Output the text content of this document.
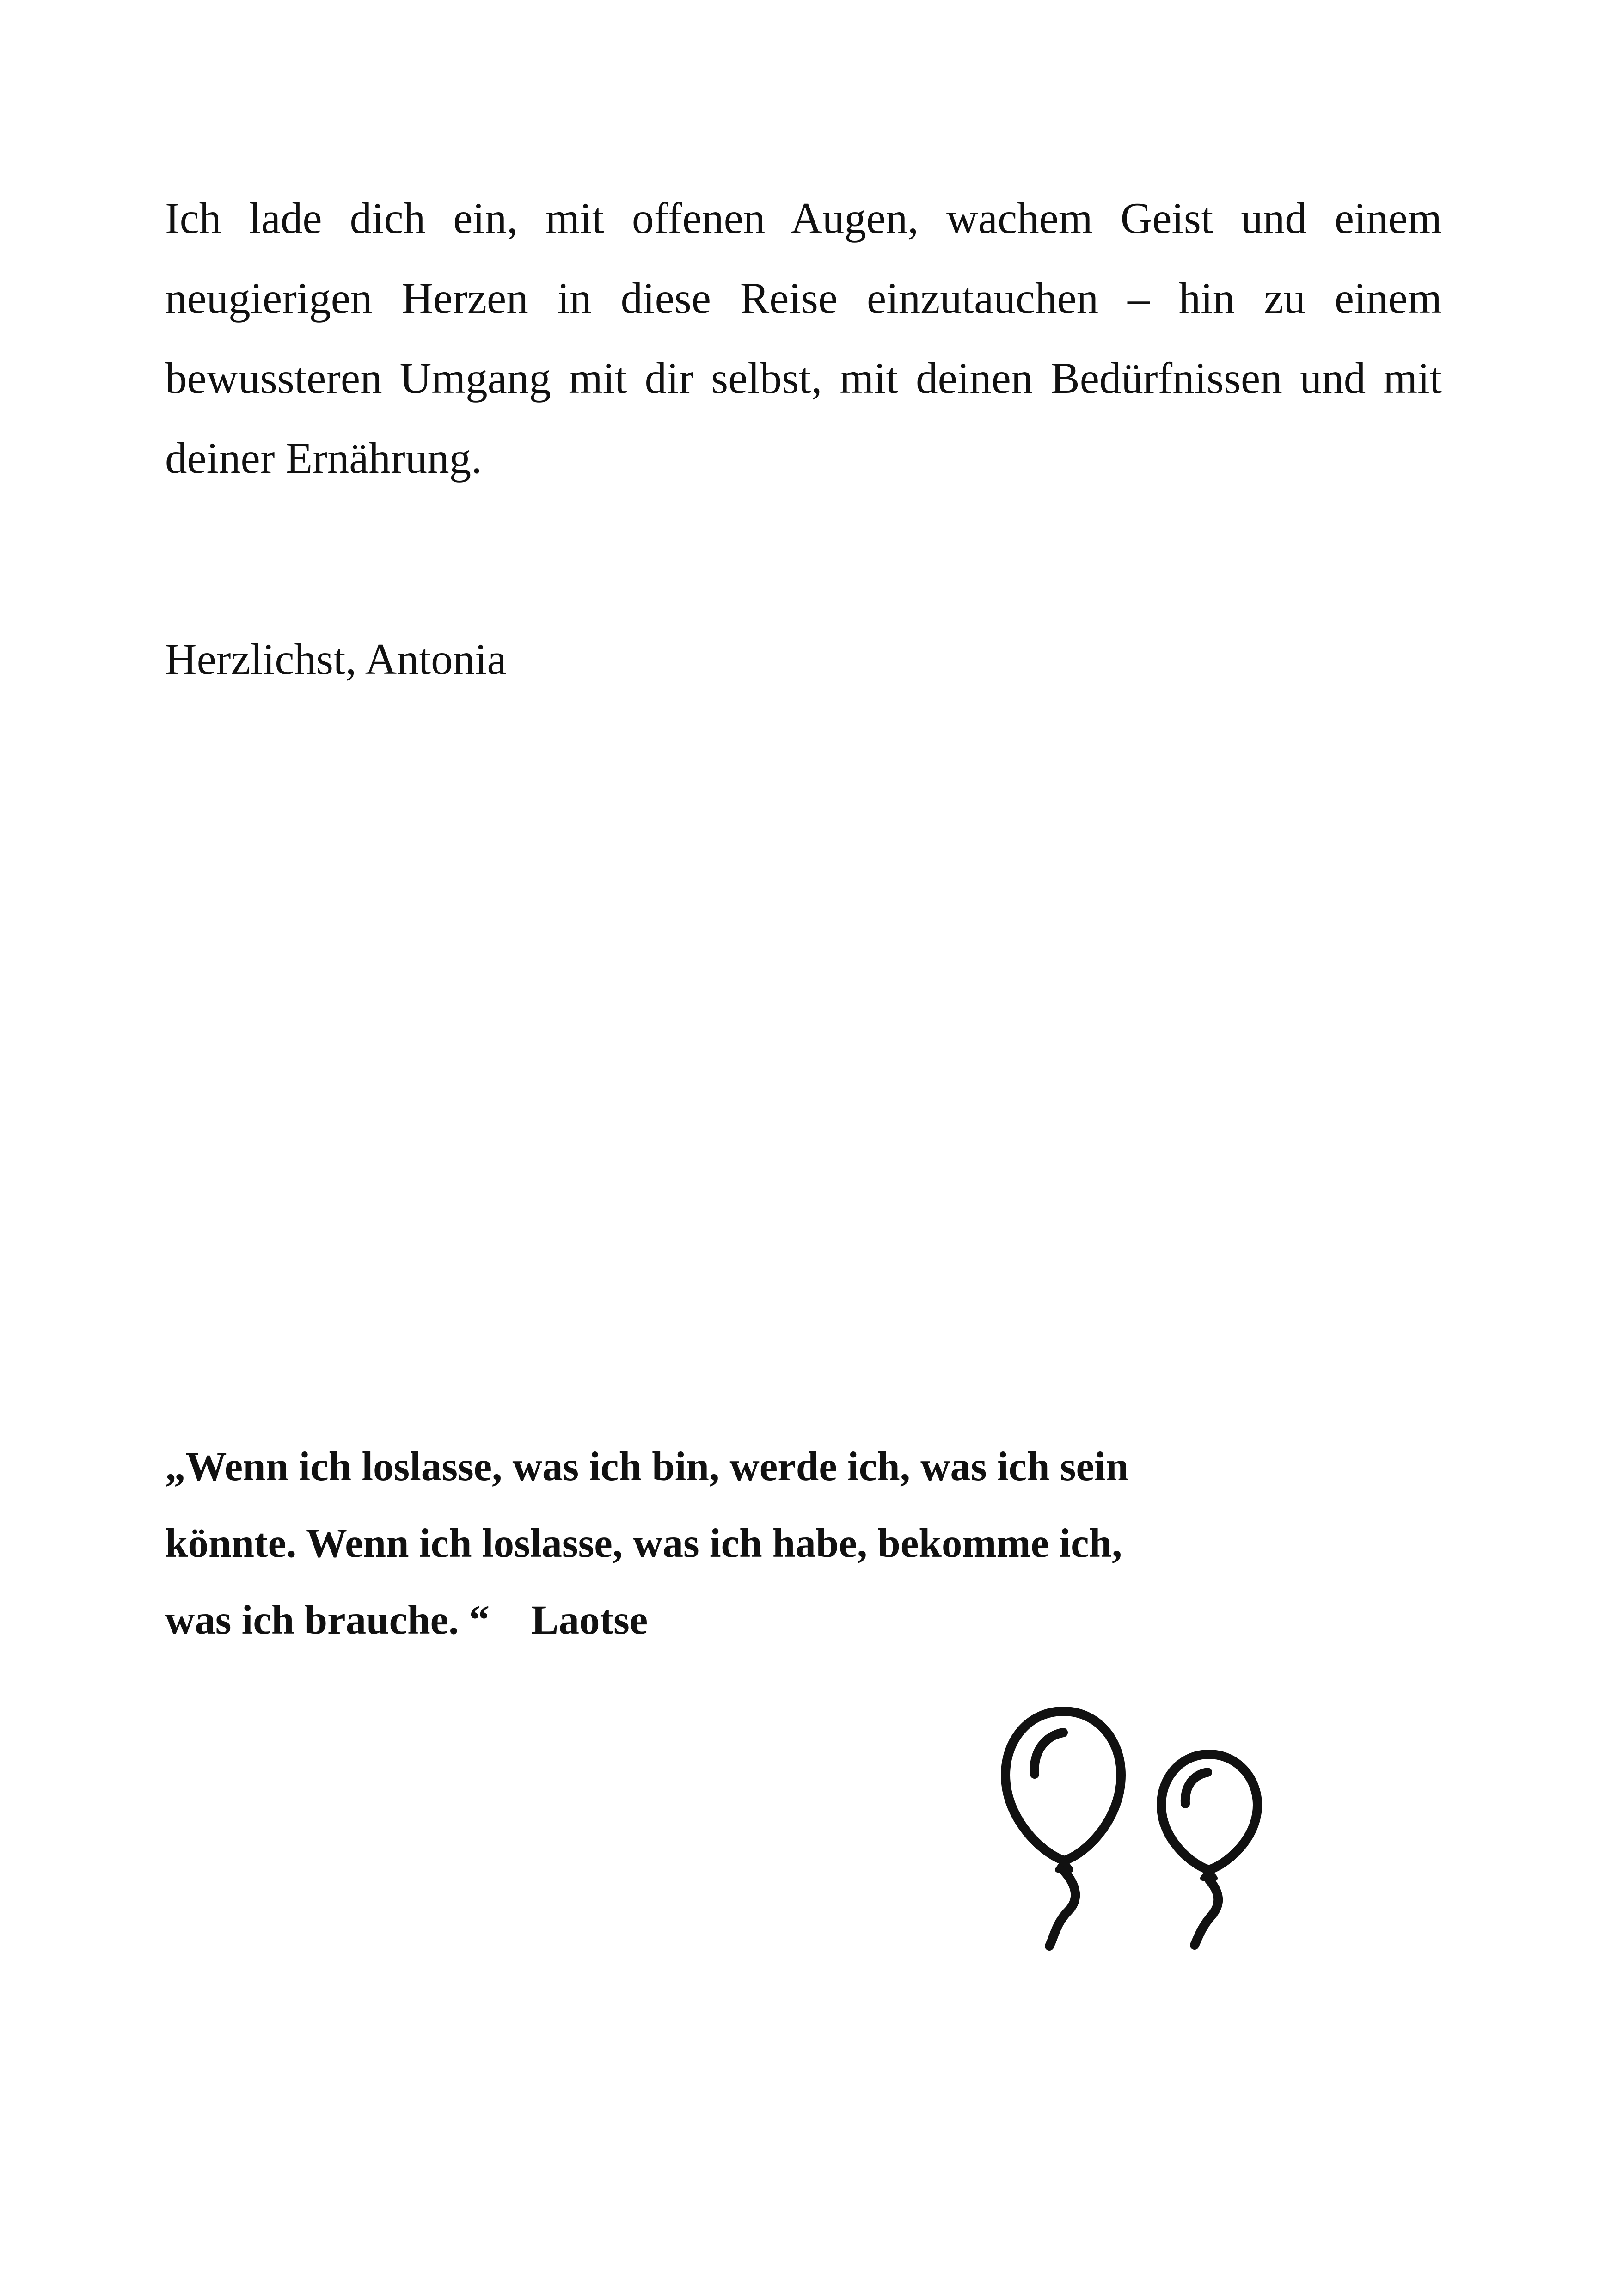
Ich lade dich ein, mit offenen Augen, wachem Geist und einem neugierigen Herzen in diese Reise einzutauchen – hin zu einem bewussteren Umgang mit dir selbst, mit deinen Bedürfnissen und mit deiner Ernährung.

Herzlichst, Antonia

„Wenn ich loslasse, was ich bin, werde ich, was ich sein
könnte. Wenn ich loslasse, was ich habe, bekomme ich,
was ich brauche. “ Laotse
